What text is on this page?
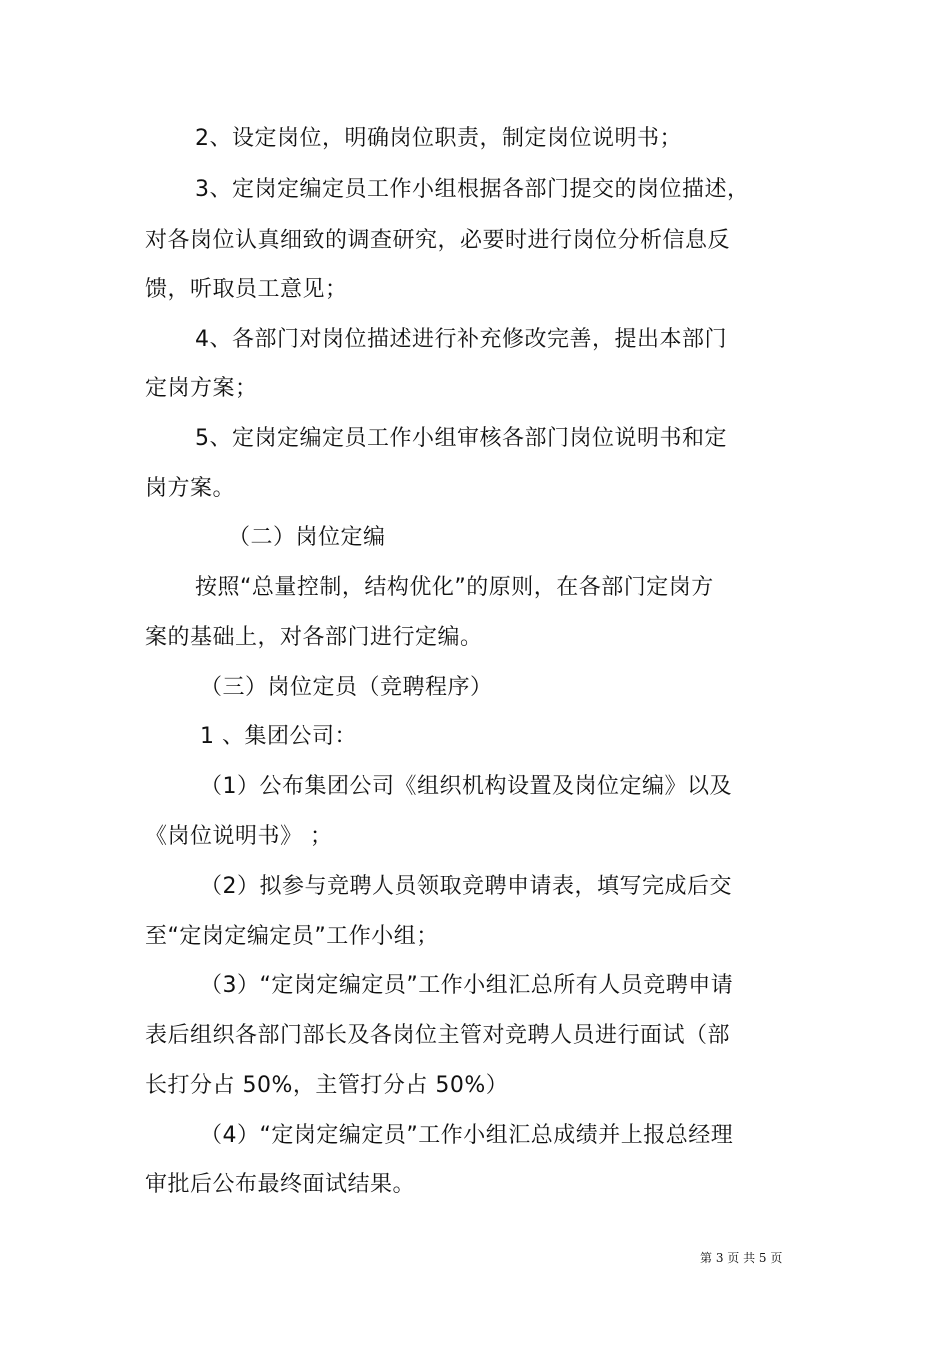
2、设定岗位，明确岗位职责，制定岗位说明书；
3、定岗定编定员工作小组根据各部门提交的岗位描述，
对各岗位认真细致的调查研究，必要时进行岗位分析信息反
馈，听取员工意见；
4、各部门对岗位描述进行补充修改完善，提出本部门
定岗方案；
5、定岗定编定员工作小组审核各部门岗位说明书和定
岗方案。
（二）岗位定编
按照“总量控制，结构优化”的原则，在各部门定岗方
案的基础上，对各部门进行定编。
（三）岗位定员（竞聘程序）
1 、集团公司：
（1）公布集团公司《组织机构设置及岗位定编》以及
《岗位说明书》 ；
（2）拟参与竞聘人员领取竞聘申请表，填写完成后交
至“定岗定编定员”工作小组；
（3）“定岗定编定员”工作小组汇总所有人员竞聘申请
表后组织各部门部长及各岗位主管对竞聘人员进行面试（部
长打分占 50%，主管打分占 50%）
（4）“定岗定编定员”工作小组汇总成绩并上报总经理
审批后公布最终面试结果。
第 3 页 共 5 页
